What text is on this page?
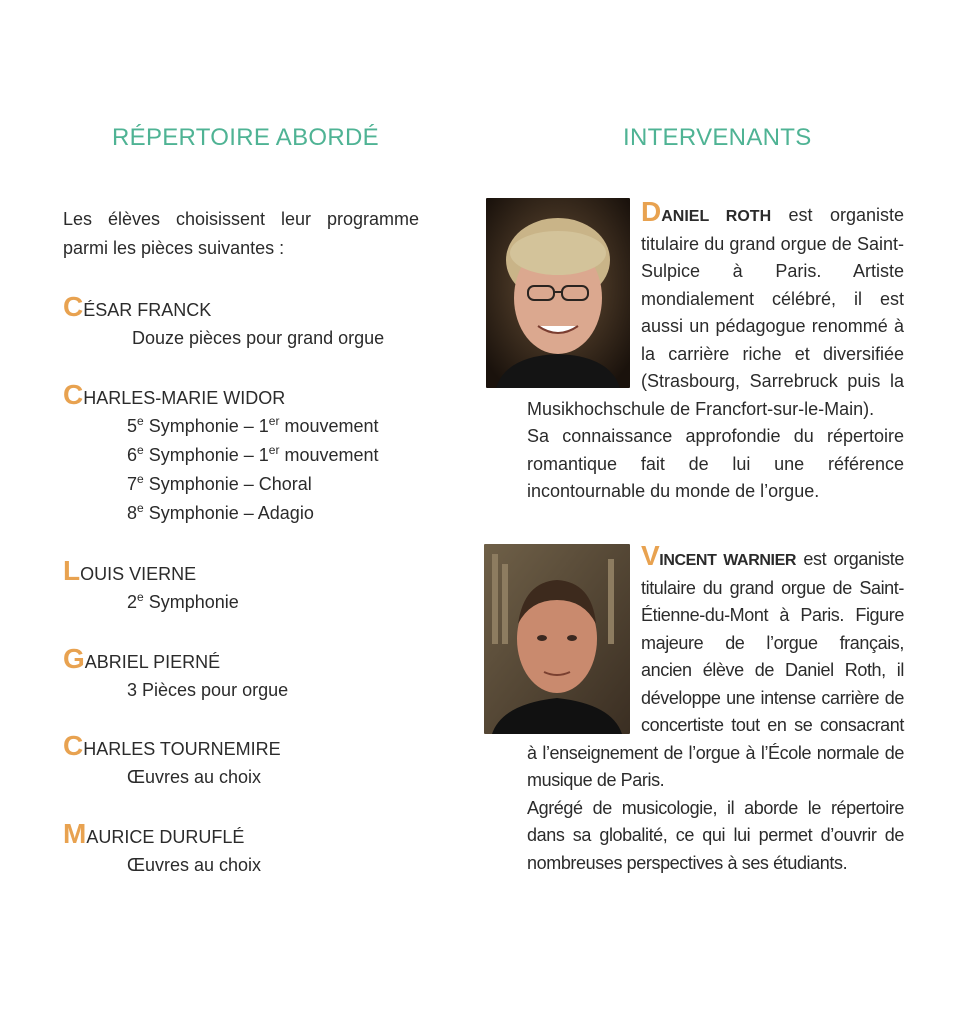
RÉPERTOIRE ABORDÉ

Les élèves choisissent leur programme parmi les pièces suivantes :

CÉSAR FRANCK
Douze pièces pour grand orgue
CHARLES-MARIE WIDOR
5e Symphonie – 1er mouvement
6e Symphonie – 1er mouvement
7e Symphonie – Choral
8e Symphonie – Adagio
LOUIS VIERNE
2e Symphonie
GABRIEL PIERNÉ
3 Pièces pour orgue
CHARLES TOURNEMIRE
Œuvres au choix
MAURICE DURUFLÉ
Œuvres au choix
INTERVENANTS

DANIEL ROTH est organiste titulaire du grand orgue de Saint-Sulpice à Paris. Artiste mondialement célébré, il est aussi un pédagogue renommé à la carrière riche et diversifiée (Strasbourg, Sarrebruck puis la Musikhochschule de Francfort-sur-le-Main).

Sa connaissance approfondie du répertoire romantique fait de lui une référence incontournable du monde de l’orgue.

VINCENT WARNIER est organiste titulaire du grand orgue de Saint-Étienne-du-Mont à Paris. Figure majeure de l’orgue français, ancien élève de Daniel Roth, il développe une intense carrière de concertiste tout en se consacrant à l’enseignement de l’orgue à l’École normale de musique de Paris.

Agrégé de musicologie, il aborde le répertoire dans sa globalité, ce qui lui permet d’ouvrir de nombreuses perspectives à ses étudiants.
